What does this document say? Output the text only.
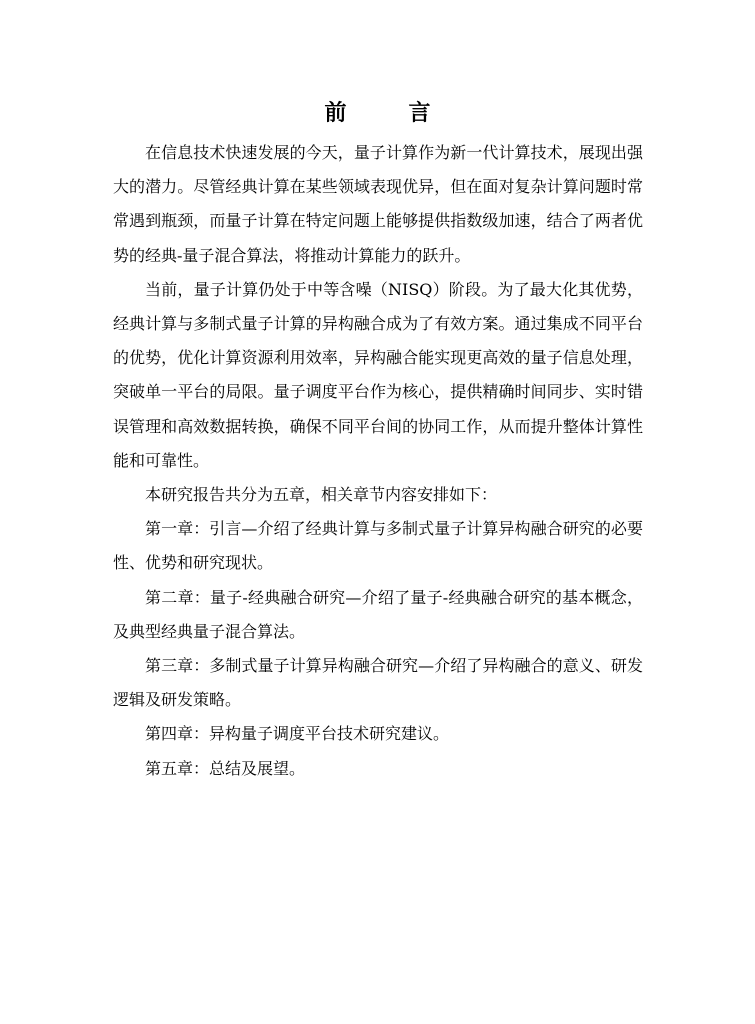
前　言

在信息技术快速发展的今天，量子计算作为新一代计算技术，展现出强大的潜力。尽管经典计算在某些领域表现优异，但在面对复杂计算问题时常常遇到瓶颈，而量子计算在特定问题上能够提供指数级加速，结合了两者优势的经典-量子混合算法，将推动计算能力的跃升。

当前，量子计算仍处于中等含噪（NISQ）阶段。为了最大化其优势，经典计算与多制式量子计算的异构融合成为了有效方案。通过集成不同平台的优势，优化计算资源利用效率，异构融合能实现更高效的量子信息处理，突破单一平台的局限。量子调度平台作为核心，提供精确时间同步、实时错误管理和高效数据转换，确保不同平台间的协同工作，从而提升整体计算性能和可靠性。

本研究报告共分为五章，相关章节内容安排如下：

第一章：引言—介绍了经典计算与多制式量子计算异构融合研究的必要性、优势和研究现状。

第二章：量子-经典融合研究—介绍了量子-经典融合研究的基本概念，及典型经典量子混合算法。

第三章：多制式量子计算异构融合研究—介绍了异构融合的意义、研发逻辑及研发策略。

第四章：异构量子调度平台技术研究建议。

第五章：总结及展望。
